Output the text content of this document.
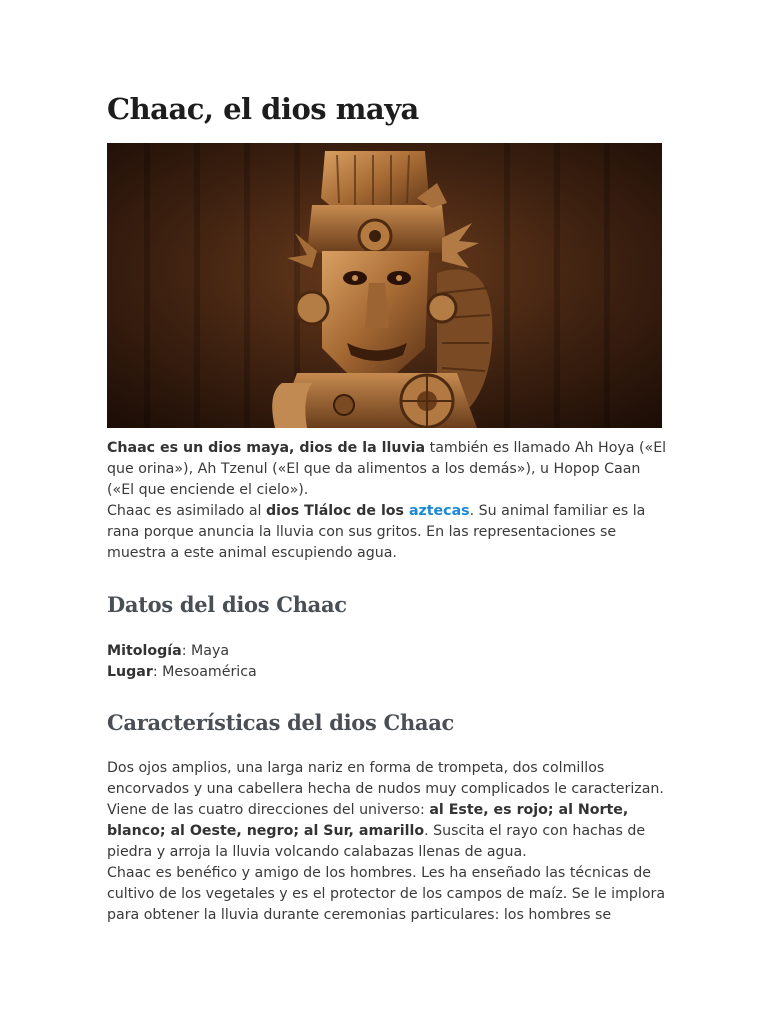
Chaac, el dios maya

Chaac es un dios maya, dios de la lluvia también es llamado Ah Hoya («El que orina»), Ah Tzenul («El que da alimentos a los demás»), u Hopop Caan («El que enciende el cielo»).
Chaac es asimilado al dios Tláloc de los aztecas. Su animal familiar es la rana porque anuncia la lluvia con sus gritos. En las representaciones se muestra a este animal escupiendo agua.

Datos del dios Chaac

Mitología: Maya
Lugar: Mesoamérica

Características del dios Chaac

Dos ojos amplios, una larga nariz en forma de trompeta, dos colmillos encorvados y una cabellera hecha de nudos muy complicados le caracterizan. Viene de las cuatro direcciones del universo: al Este, es rojo; al Norte, blanco; al Oeste, negro; al Sur, amarillo. Suscita el rayo con hachas de piedra y arroja la lluvia volcando calabazas llenas de agua.
Chaac es benéfico y amigo de los hombres. Les ha enseñado las técnicas de cultivo de los vegetales y es el protector de los campos de maíz. Se le implora para obtener la lluvia durante ceremonias particulares: los hombres se
